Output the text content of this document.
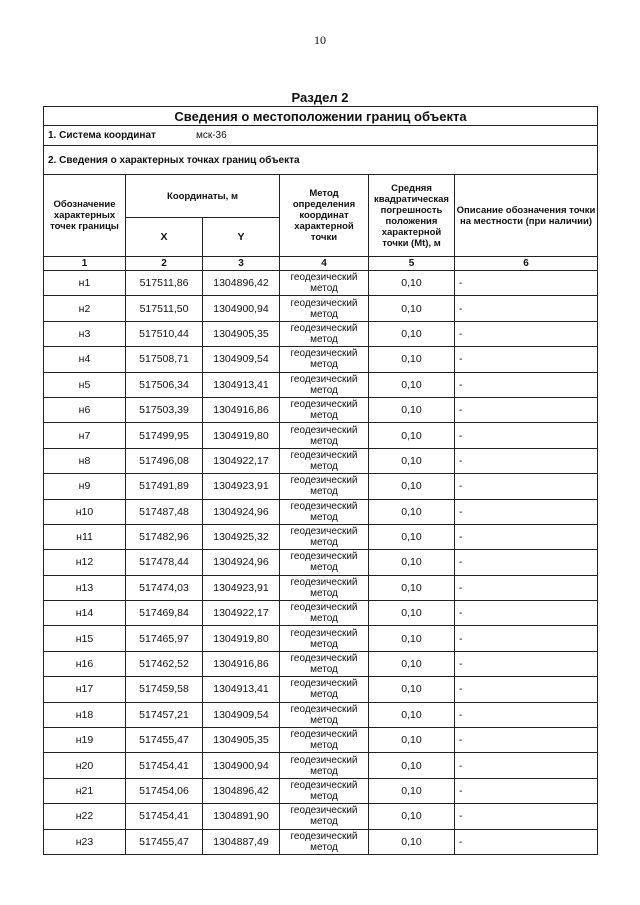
10
Раздел 2
Сведения о местоположении границ объекта					
1. Система координат мск-36					
2. Сведения о характерных точках границ объекта					
Обозначение характерных точек границы	Координаты, м		Метод определения координат характерной точки	Средняя квадратическая погрешность положения характерной точки (Mt), м	Описание обозначения точки на местности (при наличии)
	X	Y			
1	2	3	4	5	6
н1	517511,86	1304896,42	геодезический метод	0,10	-
н2	517511,50	1304900,94	геодезический метод	0,10	-
н3	517510,44	1304905,35	геодезический метод	0,10	-
н4	517508,71	1304909,54	геодезический метод	0,10	-
н5	517506,34	1304913,41	геодезический метод	0,10	-
н6	517503,39	1304916,86	геодезический метод	0,10	-
н7	517499,95	1304919,80	геодезический метод	0,10	-
н8	517496,08	1304922,17	геодезический метод	0,10	-
н9	517491,89	1304923,91	геодезический метод	0,10	-
н10	517487,48	1304924,96	геодезический метод	0,10	-
н11	517482,96	1304925,32	геодезический метод	0,10	-
н12	517478,44	1304924,96	геодезический метод	0,10	-
н13	517474,03	1304923,91	геодезический метод	0,10	-
н14	517469,84	1304922,17	геодезический метод	0,10	-
н15	517465,97	1304919,80	геодезический метод	0,10	-
н16	517462,52	1304916,86	геодезический метод	0,10	-
н17	517459,58	1304913,41	геодезический метод	0,10	-
н18	517457,21	1304909,54	геодезический метод	0,10	-
н19	517455,47	1304905,35	геодезический метод	0,10	-
н20	517454,41	1304900,94	геодезический метод	0,10	-
н21	517454,06	1304896,42	геодезический метод	0,10	-
н22	517454,41	1304891,90	геодезический метод	0,10	-
н23	517455,47	1304887,49	геодезический метод	0,10	-
